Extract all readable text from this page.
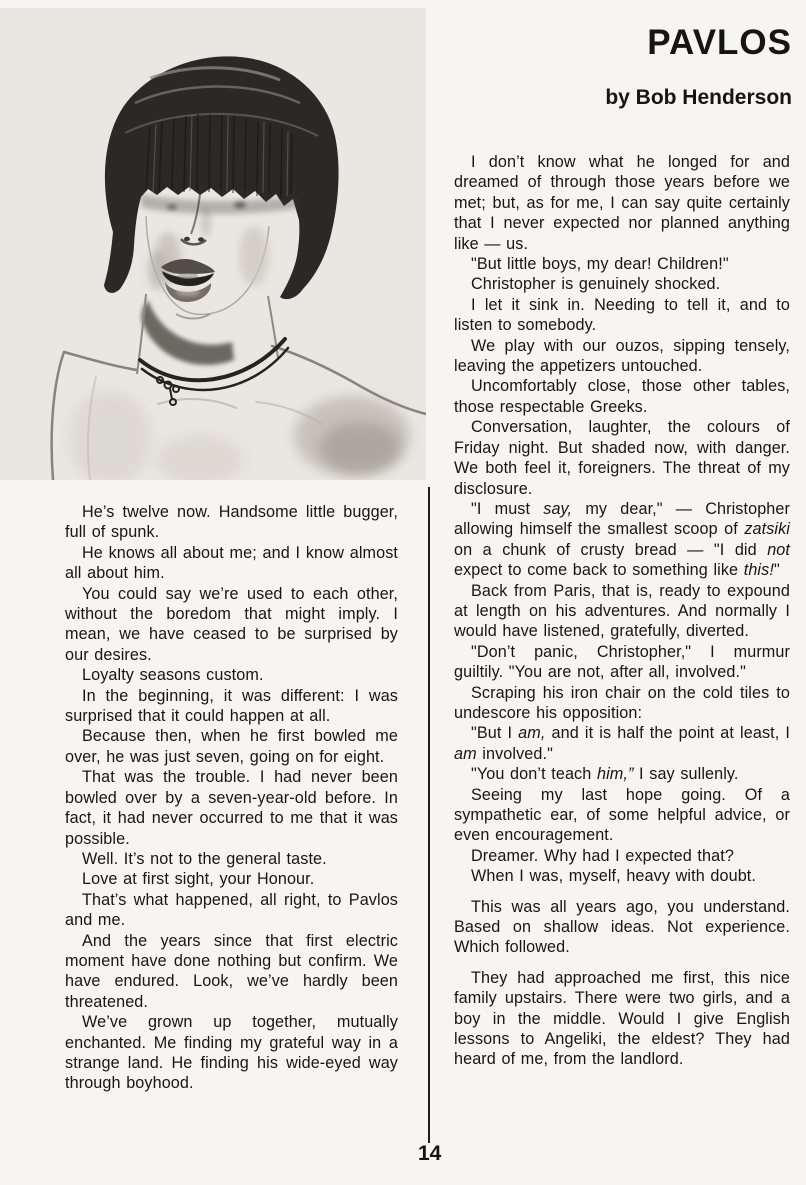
PAVLOS
by Bob Henderson

He’s twelve now. Handsome little bugger, full of spunk.

He knows all about me; and I know almost all about him.

You could say we’re used to each other, without the boredom that might imply. I mean, we have ceased to be surprised by our desires.

Loyalty seasons custom.

In the beginning, it was different: I was surprised that it could happen at all.

Because then, when he first bowled me over, he was just seven, going on for eight.

That was the trouble. I had never been bowled over by a seven-year-old before. In fact, it had never occurred to me that it was possible.

Well. It’s not to the general taste.

Love at first sight, your Honour.

That’s what happened, all right, to Pavlos and me.

And the years since that first electric moment have done nothing but confirm. We have endured. Look, we’ve hardly been threatened.

We’ve grown up together, mutually enchanted. Me finding my grateful way in a strange land. He finding his wide-eyed way through boyhood.

I don’t know what he longed for and dreamed of through those years before we met; but, as for me, I can say quite certainly that I never expected nor planned anything like — us.

"But little boys, my dear! Children!"

Christopher is genuinely shocked.

I let it sink in. Needing to tell it, and to listen to somebody.

We play with our ouzos, sipping tensely, leaving the appetizers untouched.

Uncomfortably close, those other tables, those respectable Greeks.

Conversation, laughter, the colours of Friday night. But shaded now, with danger. We both feel it, foreigners. The threat of my disclosure.

"I must say, my dear," — Christopher allowing himself the smallest scoop of zatsiki on a chunk of crusty bread — "I did not expect to come back to something like this!"

Back from Paris, that is, ready to expound at length on his adventures. And normally I would have listened, gratefully, diverted.

"Don’t panic, Christopher," I murmur guiltily. "You are not, after all, involved."

Scraping his iron chair on the cold tiles to undescore his opposition:

"But I am, and it is half the point at least, I am involved."

"You don’t teach him,” I say sullenly.

Seeing my last hope going. Of a sympathetic ear, of some helpful advice, or even encouragement.

Dreamer. Why had I expected that?

When I was, myself, heavy with doubt.

This was all years ago, you understand. Based on shallow ideas. Not experience. Which followed.

They had approached me first, this nice family upstairs. There were two girls, and a boy in the middle. Would I give English lessons to Angeliki, the eldest? They had heard of me, from the landlord.

14
